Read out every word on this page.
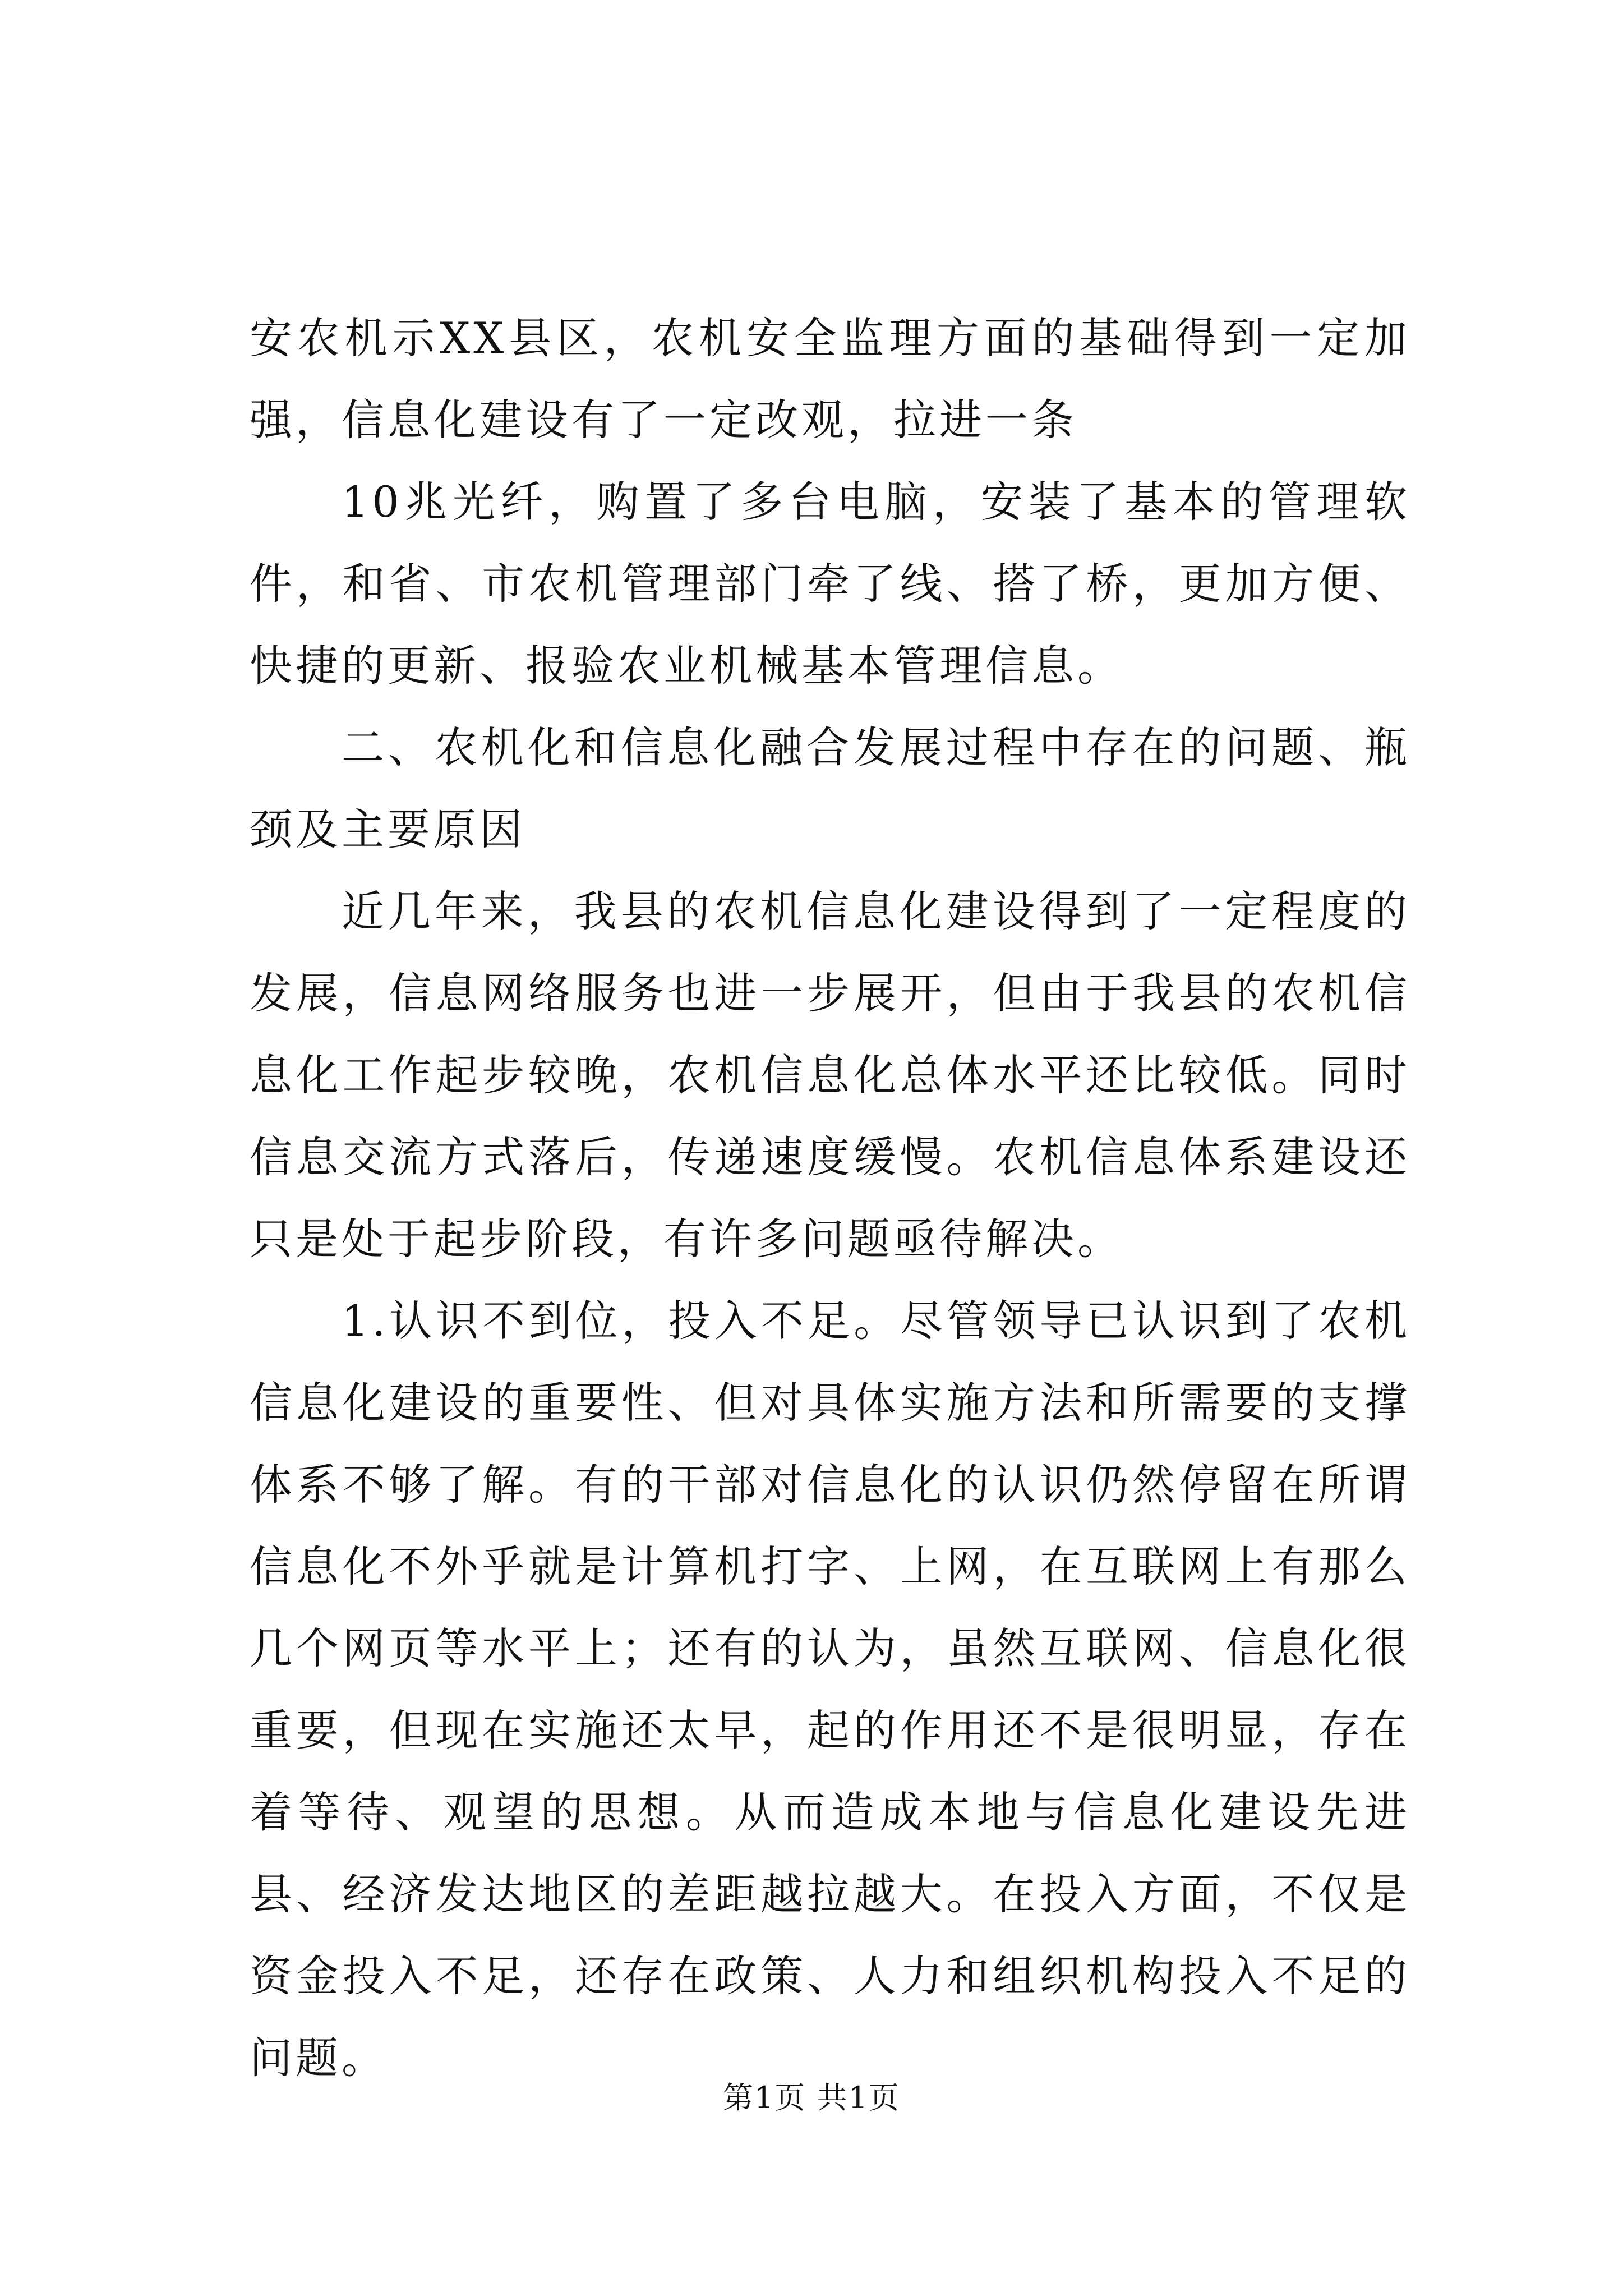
安农机示XX县区，农机安全监理方面的基础得到一定加强，信息化建设有了一定改观，拉进一条

10兆光纤，购置了多台电脑，安装了基本的管理软件，和省、市农机管理部门牵了线、搭了桥，更加方便、快捷的更新、报验农业机械基本管理信息。

二、农机化和信息化融合发展过程中存在的问题、瓶颈及主要原因

近几年来，我县的农机信息化建设得到了一定程度的发展，信息网络服务也进一步展开，但由于我县的农机信息化工作起步较晚，农机信息化总体水平还比较低。同时信息交流方式落后，传递速度缓慢。农机信息体系建设还只是处于起步阶段，有许多问题亟待解决。

1.认识不到位，投入不足。尽管领导已认识到了农机信息化建设的重要性、但对具体实施方法和所需要的支撑体系不够了解。有的干部对信息化的认识仍然停留在所谓信息化不外乎就是计算机打字、上网，在互联网上有那么几个网页等水平上；还有的认为，虽然互联网、信息化很重要，但现在实施还太早，起的作用还不是很明显，存在着等待、观望的思想。从而造成本地与信息化建设先进县、经济发达地区的差距越拉越大。在投入方面，不仅是资金投入不足，还存在政策、人力和组织机构投入不足的问题。

第1页 共1页
